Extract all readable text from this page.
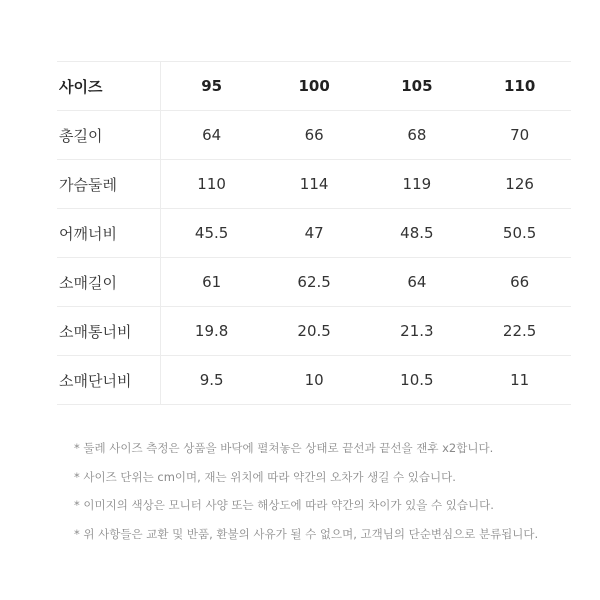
사이즈	95	100	105	110
총길이	64	66	68	70
가슴둘레	110	114	119	126
어깨너비	45.5	47	48.5	50.5
소매길이	61	62.5	64	66
소매통너비	19.8	20.5	21.3	22.5
소매단너비	9.5	10	10.5	11
* 둘레 사이즈 측정은 상품을 바닥에 펼쳐놓은 상태로 끝선과 끝선을 잰후 x2합니다.
* 사이즈 단위는 cm이며, 재는 위치에 따라 약간의 오차가 생길 수 있습니다.
* 이미지의 색상은 모니터 사양 또는 해상도에 따라 약간의 차이가 있을 수 있습니다.
* 위 사항들은 교환 및 반품, 환불의 사유가 될 수 없으며, 고객님의 단순변심으로 분류됩니다.
